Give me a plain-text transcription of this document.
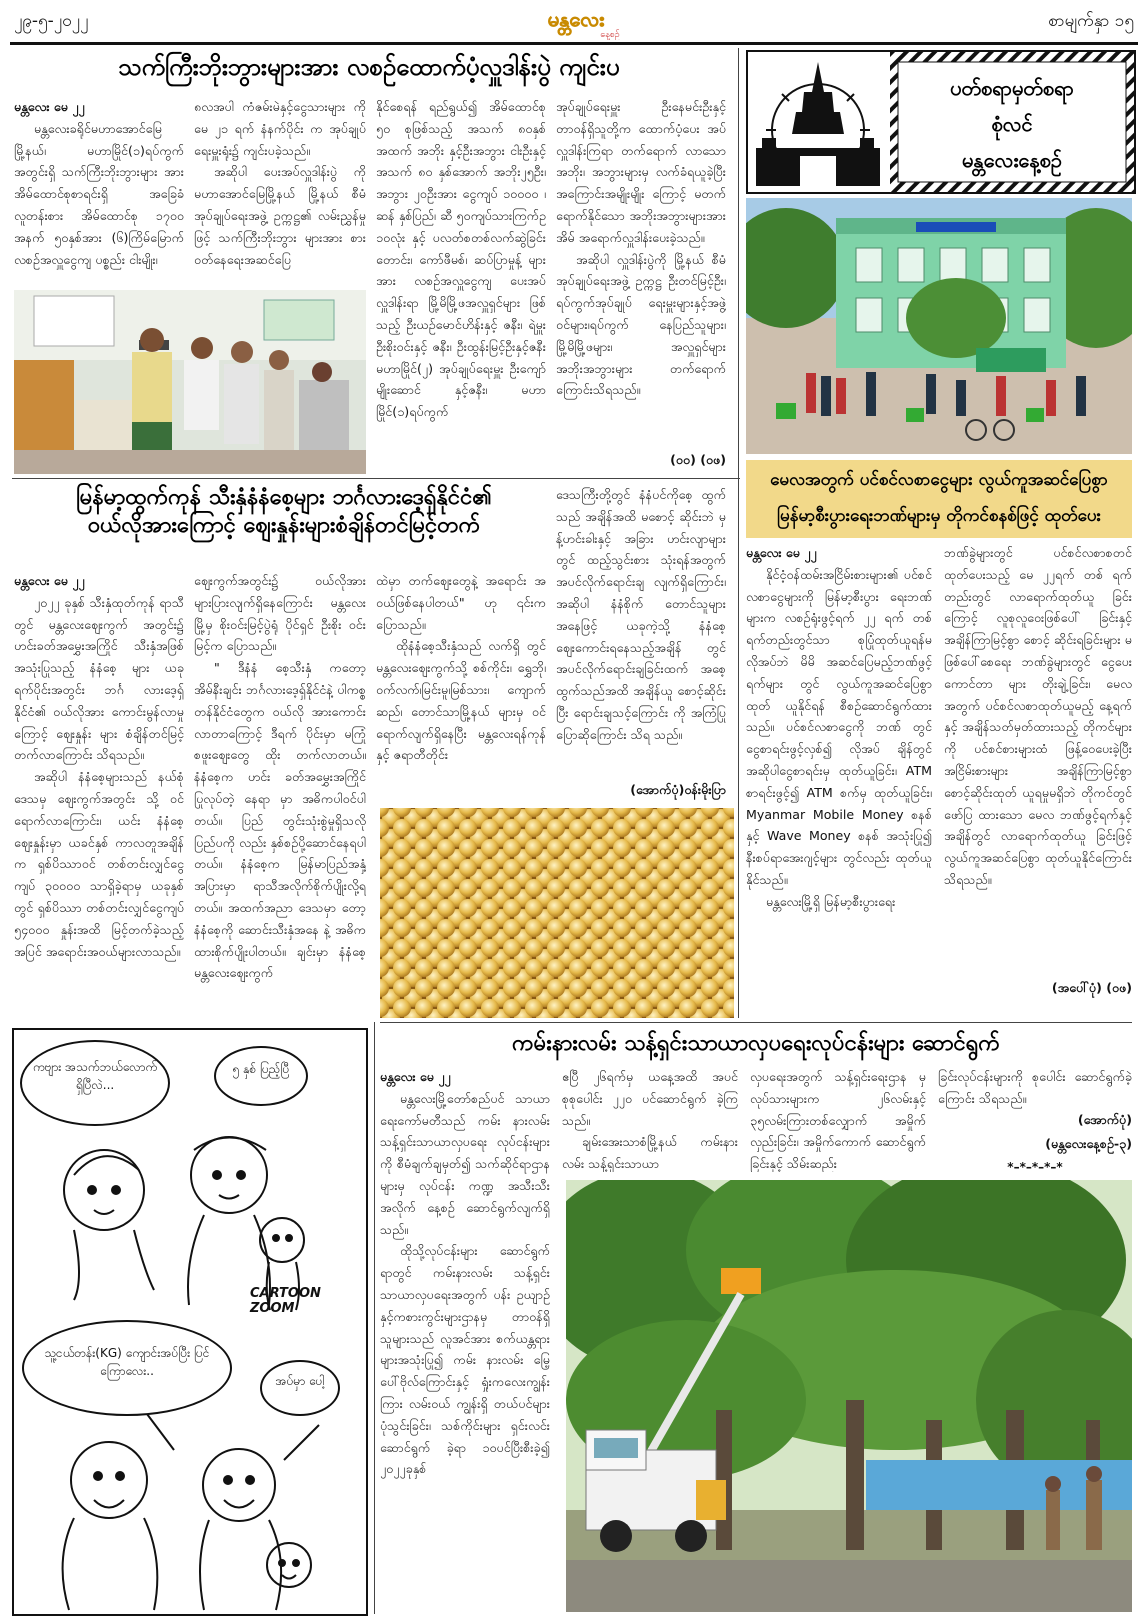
၂၉-၅-၂၀၂၂	မန္တလေး
နေ့စဉ်
စာမျက်နှာ ၁၅
သက်ကြီးဘိုးဘွားများအား လစဉ်ထောက်ပံ့လှူဒါန်းပွဲ ကျင်းပ

မန္တလေး မေ ၂၂

မန္တလေးခရိုင်မဟာအောင်မြေ မြို့နယ်၊ မဟာမြိုင်(၁)ရပ်ကွက် အတွင်းရှိ သက်ကြီးဘိုးဘွားများ အား အိမ်ထောင်စုစာရင်းရှိ အခြေခံ လူတန်းစား အိမ်ထောင်စု ၁၇၀၀ အနက် ၅၀နှစ်အား (၆)ကြိမ်မြောက် လစဉ်အလှူငွေကျ ပစ္စည်း ငါးမျိုး၊

၈လအပါ ကံဇမ်းမဲနှင့်ငွေသားများ ကို မေ ၂၁ ရက် နံနက်ပိုင်း က အုပ်ချုပ်ရေးမှူးရုံး၌ ကျင်းပခဲ့သည်။

အဆိုပါ ပေးအပ်လှူဒါန်းပွဲ ကို မဟာအောင်မြေမြို့နယ် မြို့နယ် စီမံအုပ်ချုပ်ရေးအဖွဲ့ ဥက္ကဋ္ဌ၏ လမ်းညွှန်မှုဖြင့် သက်ကြီးဘိုးဘွား များအား စားဝတ်နေရေးအဆင်ပြေ

နိုင်စေရန် ရည်ရွယ်၍ အိမ်ထောင်စု ၅၀ စုဖြစ်သည့် အသက် ၈၀နှစ် အထက် အဘိုး နှင့်ဦးအဘွား ငါးဦးနှင့် အသက် ၈၀ နှစ်အောက် အဘိုး၂၅ဦး၊ အဘွား ၂၀ဦးအား ငွေကျပ် ၁၀၀၀၀ ၊ ဆန် နှစ်ပြည်၊ ဆီ ၅၀ကျပ်သားကြက်ဥ ၁၀လုံး နှင့် ပလတ်စတစ်လက်ဆွဲခြင်း တောင်း၊ ကော်ဖီမစ်၊ ဆပ်ပြာမှုန့် များအား လစဉ်အလှူငွေကျ ပေးအပ် လှူဒါန်းရာ မြို့မိမြို့ဖအလှူရှင်များ ဖြစ်သည့် ဦးယဉ်မောင်ဟိန်းနှင့် ဇနီး၊ ရဲမှူးဦးစိုးဝင်းနှင့် ဇနီး၊ ဦးထွန်းမြင့်ဦးနှင့်ဇနီးမဟာမြိုင်(၂) အုပ်ချုပ်ရေးမှူး ဦးကျော်မျိုးဆောင် နှင့်ဇနီး၊ မဟာမြိုင်(၁)ရပ်ကွက်

အုပ်ချုပ်ရေးမှူး ဦးနေမင်းဦးနှင့် တာဝန်ရှိသူတို့က ထောက်ပံ့ပေး အပ်လှူဒါန်းကြရာ တက်ရောက် လာသော အဘိုး၊ အဘွားများမှ လက်ခံရယူခဲ့ပြီး အကြောင်းအမျိုးမျိုး ကြောင့် မတက်ရောက်နိုင်သော အဘိုးအဘွားများအား အိမ် အရောက်လှူဒါန်းပေးခဲ့သည်။

အဆိုပါ လှူဒါန်းပွဲကို မြို့နယ် စီမံအုပ်ချုပ်ရေးအဖွဲ့ ဥက္ကဋ္ဌ ဦးတင်မြင့်ဦး၊ ရပ်ကွက်အုပ်ချုပ် ရေးမှူးများနှင့်အဖွဲ့ဝင်များ၊ရပ်ကွက် နေပြည်သူများ၊ မြို့မိမြို့ဖများ၊ အလှူရှင်များ အဘိုးအဘွားများ တက်ရောက်ကြောင်းသိရသည်။

(ဝဝ) (ဝဖ)
ပတ်စရာမှတ်စရာ
စုံလင်
မန္တလေးနေ့စဉ်
မြန်မာ့ထွက်ကုန် သီးနှံနံနံစေ့များ ဘင်္ဂလားဒေ့ရှ်နိုင်ငံ၏
ဝယ်လိုအားကြောင့် ဈေးနှုန်းများစံချိန်တင်မြင့်တက်

မန္တလေး မေ ၂၂

၂၀၂၂ ခုနှစ် သီးနှံထုတ်ကုန် ရာသီတွင် မန္တလေးဈေးကွက် အတွင်း၌ ဟင်းခတ်အမွှေးအကြိုင် သီးနှံအဖြစ် အသုံးပြုသည့် နံနံစေ့ များ ယခုရက်ပိုင်းအတွင်း ဘင်္ဂ လားဒေ့ရှ်နိုင်ငံ၏ ဝယ်လိုအား ကောင်းမွန်လာမှုကြောင့် ဈေးနှုန်း များ စံချိန်တင်မြင့်တက်လာကြောင်း သိရသည်။

အဆိုပါ နံနံစေ့များသည် နယ်စုံဒေသမှ ဈေးကွက်အတွင်း သို့ ဝင်ရောက်လာကြောင်း၊ ယင်း နံနံစေ့ဈေးနှုန်းမှာ ယခင်နှစ် ကာလတူအချိန်က ရှစ်ပိဿာဝင် တစ်တင်းလျှင်ငွေကျပ် ၃၀၀၀၀ သာရှိခဲ့ရာမှ ယခုနှစ်တွင် ရှစ်ပိဿာ တစ်တင်းလျှင်ငွေကျပ် ၅၄၀၀၀ နှုန်းအထိ မြင့်တက်ခဲ့သည့်အပြင် အရောင်းအဝယ်များလာသည်။

ဈေးကွက်အတွင်း၌ ဝယ်လိုအား များပြားလျက်ရှိနေကြောင်း မန္တလေး မြို့မှ စိုးဝင်းမြင့်ပွဲရုံ ပိုင်ရှင် ဦးစိုး ဝင်းမြင့်က ပြောသည်။

" ဒီနံနံ စေ့သီးနှံ ကတော့ အိမ်နီးချင်း ဘင်္ဂလားဒေ့ရှ်နိုင်ငံနဲ့ ပါကစ္စတန်နိုင်ငံတွေက ဝယ်လို အားကောင်းလာတာကြောင့် ဒီရက် ပိုင်းမှာ မကြုံစဖူးဈေးတွေ ထိုး တက်လာတယ်။ နံနံစေ့က ဟင်း ခတ်အမွှေးအကြိုင်ပြုလုပ်တဲ့ နေရာ မှာ အဓိကပါဝင်ပါတယ်။ ပြည် တွင်းသုံးစွဲမှုရှိသလို ပြည်ပကို လည်း နှစ်စဉ်ပို့ဆောင်နေရပါ တယ်။ နံနံစေ့က မြန်မာပြည်အနှံ့ အပြားမှာ ရာသီအလိုက်စိုက်ပျိုးလို့ရ တယ်။ အထက်အညာ ဒေသမှာ တော့ နံနံစေ့ကို ဆောင်းသီးနှံအနေ နဲ့ အဓိကထားစိုက်ပျိုးပါတယ်။ ချင်းမှာ နံနံစေ့ မန္တလေးဈေးကွက်

ထဲမှာ တက်ဈေးတွေနဲ့ အရောင်း အဝယ်ဖြစ်နေပါတယ်" ဟု ၎င်းက ပြောသည်။

ထိုနံနံစေ့သီးနှံသည် လက်ရှိ တွင် မန္တလေးဈေးကွက်သို့ စစ်ကိုင်း၊ ရွှေဘို၊ ဝက်လက်၊မြင်းမူ၊မြစ်သား၊ ကျောက်ဆည်၊ တောင်သာမြို့နယ် များမှ ဝင်ရောက်လျက်ရှိနေပြီး မန္တလေးရန်ကုန်နှင့် ဇရာတီတိုင်း

ဒေသကြီးတို့တွင် နံနံပင်ကိုစေ့ ထွက်သည် အချိန်အထိ မစောင့် ဆိုင်းဘဲ မှန့်ဟင်းခါးနှင့် အခြား ဟင်းလျာများတွင် ထည့်သွင်းစား သုံးရန်အတွက် အပင်လိုက်ရောင်းချ လျက်ရှိကြောင်း၊ အဆိုပါ နံနံစိုက် တောင်သူများအနေဖြင့် ယခုကဲ့သို့ နံနံစေ့ ဈေးကောင်းရနေသည့်အချိန် တွင် အပင်လိုက်ရောင်းချခြင်းထက် အစေ့ထွက်သည်အထိ အချိန်ယူ စောင့်ဆိုင်းပြီး ရောင်းချသင့်ကြောင်း ကို အကြံပြုပြောဆိုကြောင်း သိရ သည်။

(အောက်ပုံ)ဝန်းမိုးပြာ
မေလအတွက် ပင်စင်လစာငွေများ လွယ်ကူအဆင်ပြေစွာ
မြန်မာ့စီးပွားရေးဘဏ်များမှ တိုကင်စနစ်ဖြင့် ထုတ်ပေး

မန္တလေး မေ ၂၂

နိုင်ငံ့ဝန်ထမ်းအငြိမ်းစားများ၏ ပင်စင်လစာငွေများကို မြန်မာ့စီးပွား ရေးဘဏ်များက လစဉ်ရုံးဖွင့်ရက် ၂၂ ရက် တစ်ရက်တည်းတွင်သာ စုပြုံထုတ်ယူရန်မလိုအပ်ဘဲ မိမိ အဆင်ပြေမည့်ဘဏ်ဖွင့်ရက်များ တွင် လွယ်ကူအဆင်ပြေစွာ ထုတ် ယူနိုင်ရန် စီစဉ်ဆောင်ရွက်ထား သည်။ ပင်စင်လစာငွေကို ဘဏ် တွင် ငွေစာရင်းဖွင့်လှစ်၍ လိုအပ် ချိန်တွင် အဆိုပါငွေစာရင်းမှ ထုတ်ယူခြင်း၊ ATM စာရင်းဖွင့်၍ ATM စက်မှ ထုတ်ယူခြင်း၊ Myanmar Mobile Money စနစ်နှင့် Wave Money စနစ် အသုံးပြု၍ နီးစပ်ရာအေးဂျင့်များ တွင်လည်း ထုတ်ယူနိုင်သည်။

မန္တလေးမြို့ရှိ မြန်မာ့စီးပွားရေး

ဘဏ်ခွဲများတွင် ပင်စင်လစာစတင် ထုတ်ပေးသည့် မေ ၂၂ရက် တစ် ရက်တည်းတွင် လာရောက်ထုတ်ယူ ခြင်းကြောင့် လူစုလူဝေးဖြစ်ပေါ် ခြင်းနှင့် အချိန်ကြာမြင့်စွာ စောင့် ဆိုင်းရခြင်းများ မဖြစ်ပေါ်စေရေး ဘဏ်ခွဲများတွင် ငွေပေးကောင်တာ များ တိုးချဲ့ခြင်း၊ မေလအတွက် ပင်စင်လစာထုတ်ယူမည့် နေ့ရက် နှင့် အချိန်သတ်မှတ်ထားသည့် တိုကင်များကို ပင်စင်စားများထံ ဖြန့်ဝေပေးခဲ့ပြီး အငြိမ်းစားများ အချိန်ကြာမြင့်စွာ စောင့်ဆိုင်းထုတ် ယူရမှုမရှိဘဲ တိုကင်တွင် ဖော်ပြ ထားသော မေလ ဘဏ်ဖွင့်ရက်နှင့် အချိန်တွင် လာရောက်ထုတ်ယူ ခြင်းဖြင့် လွယ်ကူအဆင်ပြေစွာ ထုတ်ယူနိုင်ကြောင်း သိရသည်။

(အပေါ်ပုံ) (ဝဖ)
ကဗျား အသက်ဘယ်လောက် ရှိပြီလဲ...
၅ နှစ် ပြည့်ပြီ
CARTOON ZOOM
သူ့ငယ်တန်း(KG) ကျောင်းအပ်ပြီး ပြင်ကြောလေး..
အပ်မှာ ပေါ့
ကမ်းနားလမ်း သန့်ရှင်းသာယာလှပရေးလုပ်ငန်းများ ဆောင်ရွက်

မန္တလေး မေ ၂၂

မန္တလေးမြို့တော်စည်ပင် သာယာရေးကော်မတီသည် ကမ်း နားလမ်း သန့်ရှင်းသာယာလှပရေး လုပ်ငန်းများကို စီမံချက်ချမှတ်၍ သက်ဆိုင်ရာဌာနများမှ လုပ်ငန်း ကဏ္ဍ အသီးသီးအလိုက် နေ့စဉ် ဆောင်ရွက်လျက်ရှိသည်။

ထိုသို့လုပ်ငန်းများ ဆောင်ရွက် ရာတွင် ကမ်းနားလမ်း သန့်ရှင်း သာယာလှပရေးအတွက် ပန်း ဥယျာဉ်နှင့်ကစားကွင်းများဌာနမှ တာဝန်ရှိသူများသည် လူအင်အား စက်ယန္တရားများအသုံးပြု၍ ကမ်း နားလမ်း မြေ့ပေါ်ဗိုလ်ကြောင်းနှင့် ရှုံးကလေးကျွန်းကြား လမ်းဝယ် ကျွန်းရှိ တယ်ပင်များ ပုံသွင်းခြင်း၊ သစ်ကိုင်းများ ရှင်းလင်းဆောင်ရွက် ခဲ့ရာ ၁၀ပင်ပြီးစီးခဲ့၍ ၂၀၂၂ခုနှစ်

ဧပြီ ၂၆ရက်မှ ယနေ့အထိ အပင် စုစုပေါင်း ၂၂၀ ပင်ဆောင်ရွက် ခဲ့ကြသည်။

ချမ်းအေးသာစံမြို့နယ် ကမ်းနားလမ်း သန့်ရှင်းသာယာ

လှပရေးအတွက် သန့်ရှင်းရေးဌာန မှ လုပ်သားများက ၂၆လမ်းနှင့် ၃၅လမ်းကြားတစ်လျှောက် အမှိုက် လှည်းခြင်း၊ အမှိုက်ကောက် ဆောင်ရွက်ခြင်းနှင့် သိမ်းဆည်း

ခြင်းလုပ်ငန်းများကို စုပေါင်း ဆောင်ရွက်ခဲ့ကြောင်း သိရသည်။

(အောက်ပုံ)
(မန္တလေးနေ့စဉ်-၃)
*–*–*–*–*
